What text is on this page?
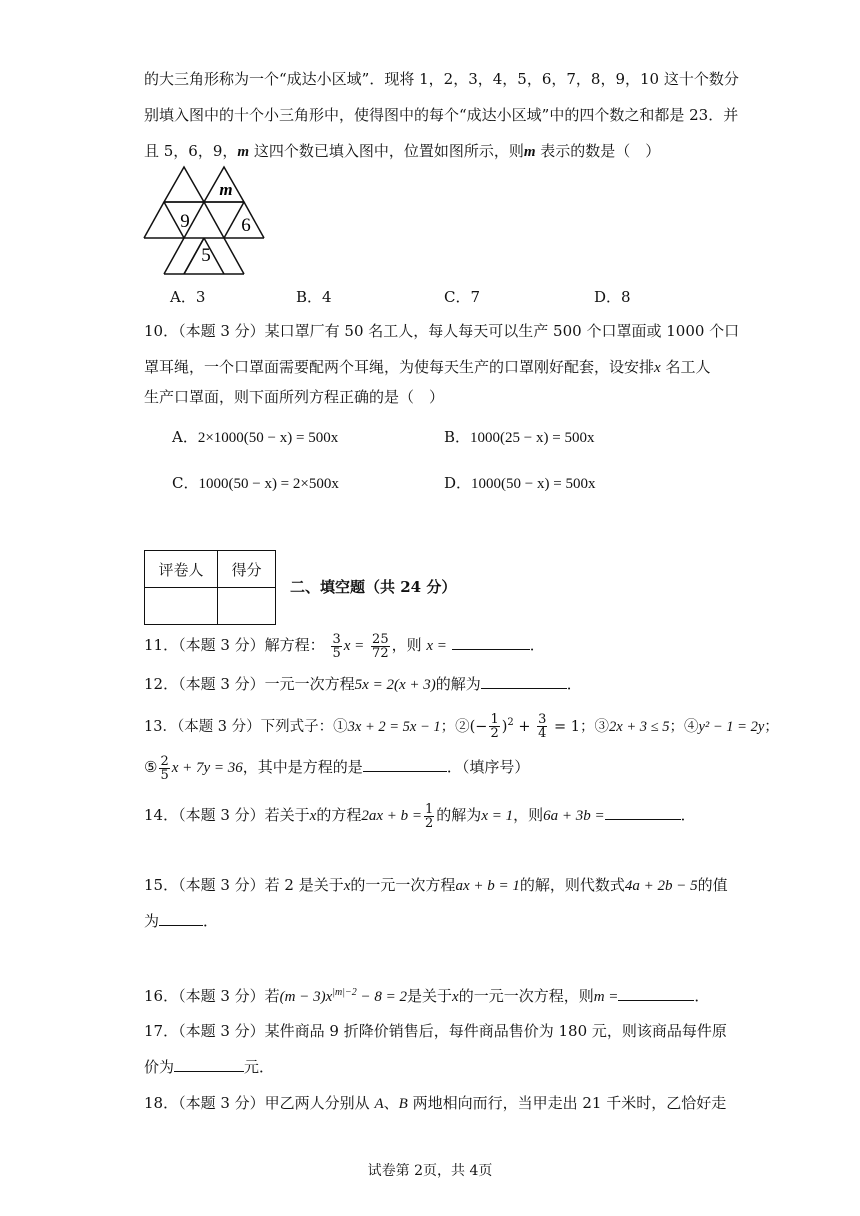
的大三角形称为一个“成达小区域”．现将 1，2，3，4，5，6，7，8，9，10 这十个数分
别填入图中的十个小三角形中，使得图中的每个“成达小区域”中的四个数之和都是 23．并
且 5，6，9，m 这四个数已填入图中，位置如图所示，则m 表示的数是（　）
m
9	6
5
A．3	B．4	C．7	D．8
10．（本题 3 分）某口罩厂有 50 名工人，每人每天可以生产 500 个口罩面或 1000 个口
罩耳绳，一个口罩面需要配两个耳绳，为使每天生产的口罩刚好配套，设安排x 名工人
生产口罩面，则下面所列方程正确的是（　）
A．2×1000(50 − x) = 500x	B．1000(25 − x) = 500x
C．1000(50 − x) = 2×500x	D．1000(50 − x) = 500x
评卷人	得分

二、填空题（共 24 分）
11．（本题 3 分）解方程： $\frac{3}{5}$ $x = \frac{25}{72}$ ，则 x =	．
12．（本题 3 分）一元一次方程5x = 2(x + 3)的解为	．
13．（本题 3 分）下列式子：①3x + 2 = 5x − 1；②(− $\frac{1}{2} )^2 + \frac{3}{4} = 1$；③2x + 3 ≤ 5；④y² − 1 = 2y；
⑤ $\frac{2}{5}$ x + 7y = 36，其中是方程的是	．（填序号）
14．（本题 3 分）若关于x的方程$2ax + b = \frac{1}{2}$ 的解为x = 1，则6a + 3b =	．
15．（本题 3 分）若 2 是关于x的一元一次方程ax + b = 1的解，则代数式4a + 2b − 5的值
为	．
16．（本题 3 分）若$(m - 3)x^{|m|-2} - 8 = 2$是关于x的一元一次方程，则m =	．
17．（本题 3 分）某件商品 9 折降价销售后，每件商品售价为 180 元，则该商品每件原
价为	元．
18．（本题 3 分）甲乙两人分别从 A、B 两地相向而行，当甲走出 21 千米时，乙恰好走
试卷第 2页，共 4页
